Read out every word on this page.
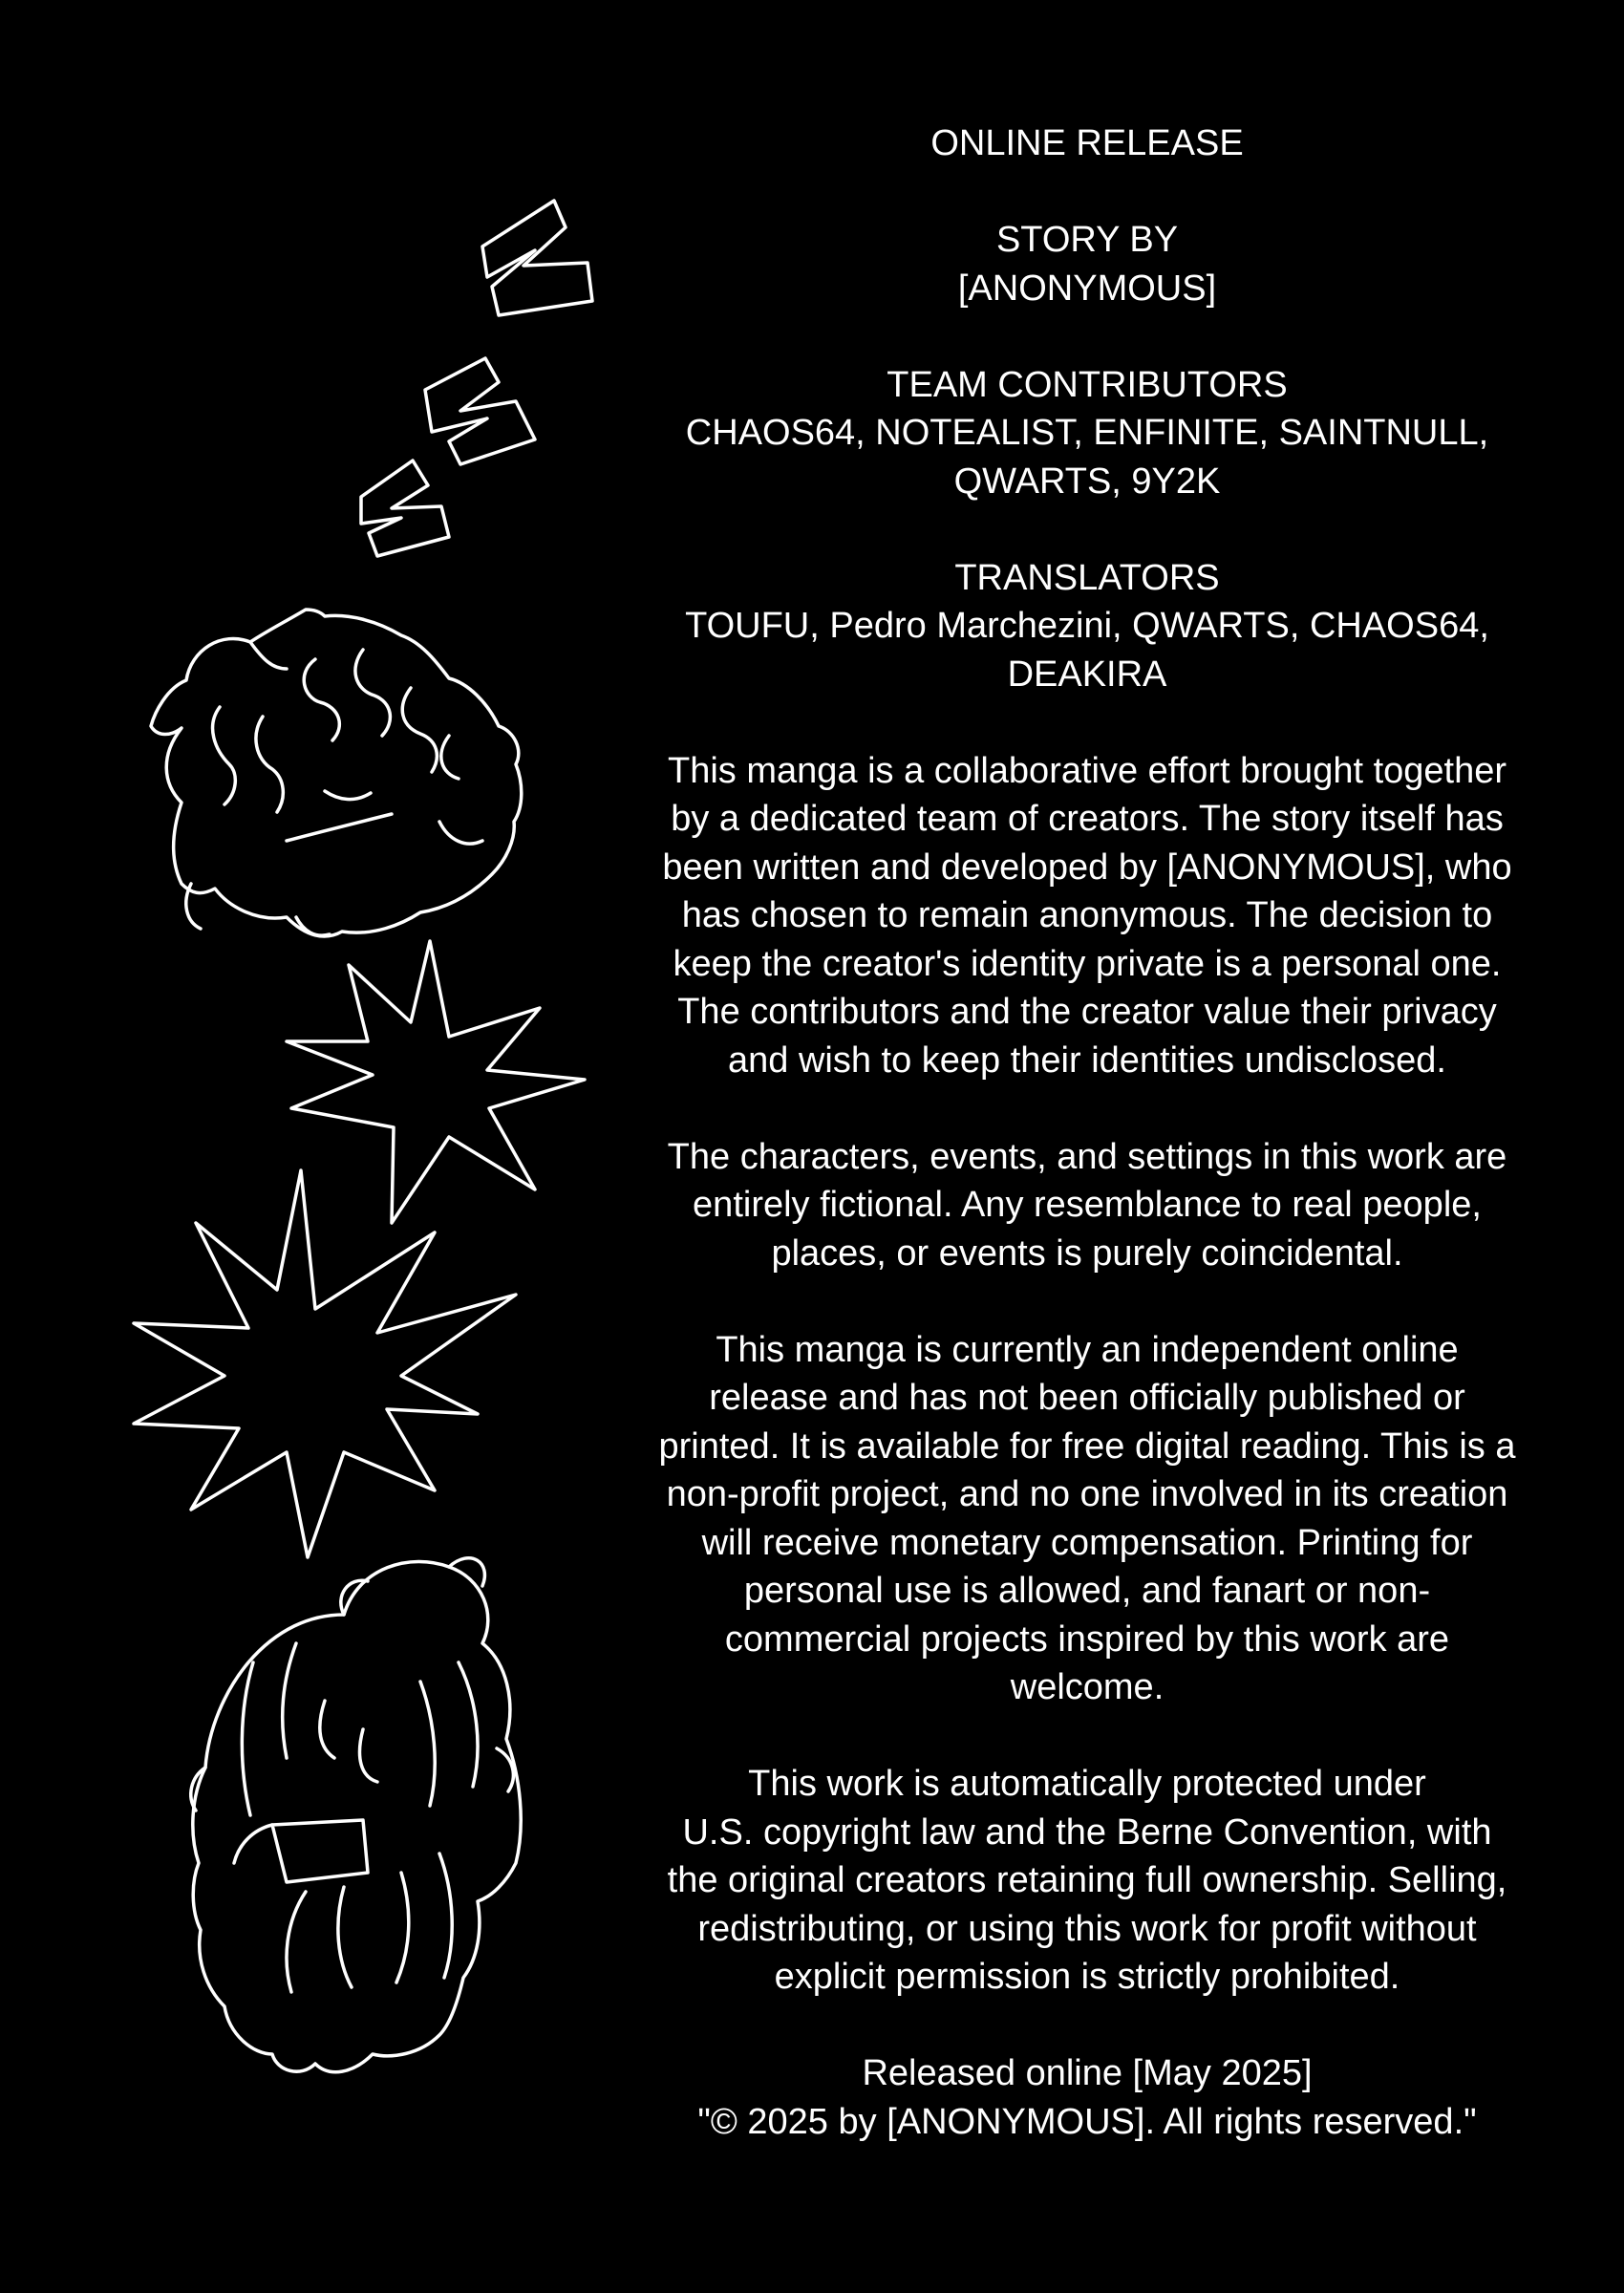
ONLINE RELEASE

STORY BY
[ANONYMOUS]

TEAM CONTRIBUTORS
CHAOS64, NOTEALIST, ENFINITE, SAINTNULL,
QWARTS, 9Y2K

TRANSLATORS
TOUFU, Pedro Marchezini, QWARTS, CHAOS64,
DEAKIRA

This manga is a collaborative effort brought together
by a dedicated team of creators. The story itself has
been written and developed by [ANONYMOUS], who
has chosen to remain anonymous. The decision to
keep the creator's identity private is a personal one.
The contributors and the creator value their privacy
and wish to keep their identities undisclosed.

The characters, events, and settings in this work are
entirely fictional. Any resemblance to real people,
places, or events is purely coincidental.

This manga is currently an independent online
release and has not been officially published or
printed. It is available for free digital reading. This is a
non-profit project, and no one involved in its creation
will receive monetary compensation. Printing for
personal use is allowed, and fanart or non-
commercial projects inspired by this work are
welcome.

This work is automatically protected under
U.S. copyright law and the Berne Convention, with
the original creators retaining full ownership. Selling,
redistributing, or using this work for profit without
explicit permission is strictly prohibited.

Released online [May 2025]
"© 2025 by [ANONYMOUS]. All rights reserved."
